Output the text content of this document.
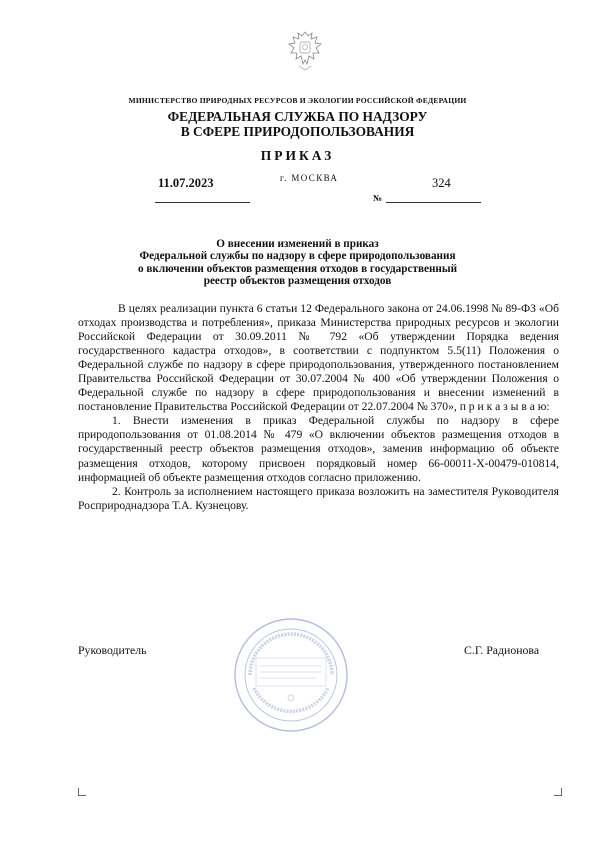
МИНИСТЕРСТВО ПРИРОДНЫХ РЕСУРСОВ И ЭКОЛОГИИ РОССИЙСКОЙ ФЕДЕРАЦИИ
ФЕДЕРАЛЬНАЯ СЛУЖБА ПО НАДЗОРУ
В СФЕРЕ ПРИРОДОПОЛЬЗОВАНИЯ
ПРИКАЗ
11.07.2023	г. МОСКВА
№
324
О внесении изменений в приказ
Федеральной службы по надзору в сфере природопользования
о включении объектов размещения отходов в государственный
реестр объектов размещения отходов

В целях реализации пункта 6 статьи 12 Федерального закона от 24.06.1998 № 89-ФЗ «Об отходах производства и потребления», приказа Министерства природных ресурсов и экологии Российской Федерации от 30.09.2011 № 792 «Об утверждении Порядка ведения государственного кадастра отходов», в соответствии с подпунктом 5.5(11) Положения о Федеральной службе по надзору в сфере природопользования, утвержденного постановлением Правительства Российской Федерации от 30.07.2004 № 400 «Об утверждении Положения о Федеральной службе по надзору в сфере природопользования и внесении изменений в постановление Правительства Российской Федерации от 22.07.2004 № 370», п р и к а з ы в а ю:

1. Внести изменения в приказ Федеральной службы по надзору в сфере природопользования от 01.08.2014 № 479 «О включении объектов размещения отходов в государственный реестр объектов размещения отходов», заменив информацию об объекте размещения отходов, которому присвоен порядковый номер 66-00011-Х-00479-010814, информацией об объекте размещения отходов согласно приложению.

2. Контроль за исполнением настоящего приказа возложить на заместителя Руководителя Росприроднадзора Т.А. Кузнецову.

Руководитель	С.Г. Радионова
